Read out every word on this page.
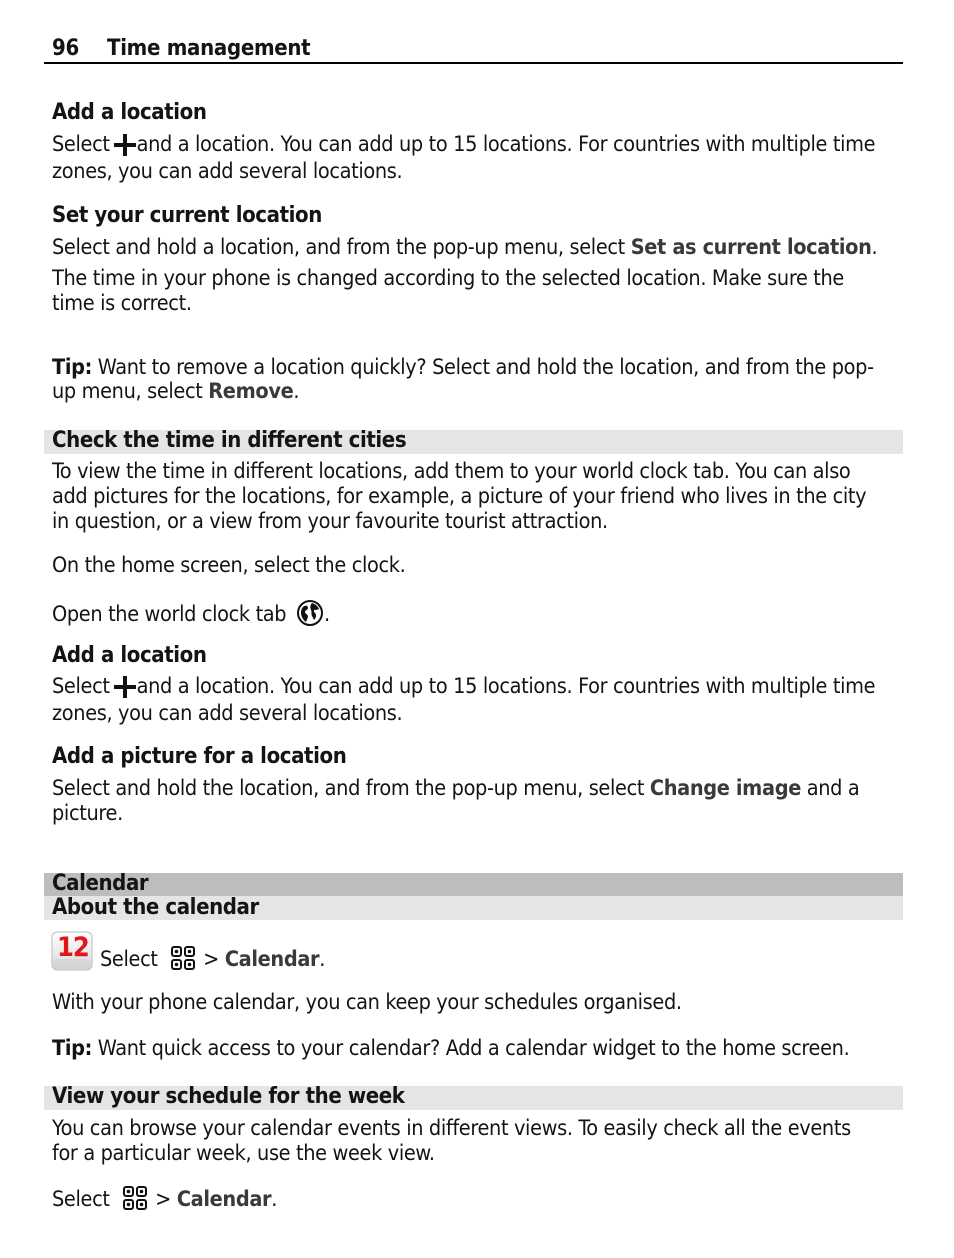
96 Time management
Add a location
Select and a location. You can add up to 15 locations. For countries with multiple time
zones, you can add several locations.
Set your current location
Select and hold a location, and from the pop-up menu, select Set as current location.
The time in your phone is changed according to the selected location. Make sure the
time is correct.
Tip: Want to remove a location quickly? Select and hold the location, and from the pop-
up menu, select Remove.
Check the time in different cities
To view the time in different locations, add them to your world clock tab. You can also
add pictures for the locations, for example, a picture of your friend who lives in the city
in question, or a view from your favourite tourist attraction.
On the home screen, select the clock.
Open the world clock tab .
Add a location
Select and a location. You can add up to 15 locations. For countries with multiple time
zones, you can add several locations.
Add a picture for a location
Select and hold the location, and from the pop-up menu, select Change image and a
picture.
Calendar
About the calendar
12 Select  > Calendar.
With your phone calendar, you can keep your schedules organised.
Tip: Want quick access to your calendar? Add a calendar widget to the home screen.
View your schedule for the week
You can browse your calendar events in different views. To easily check all the events
for a particular week, use the week view.
Select  > Calendar.
